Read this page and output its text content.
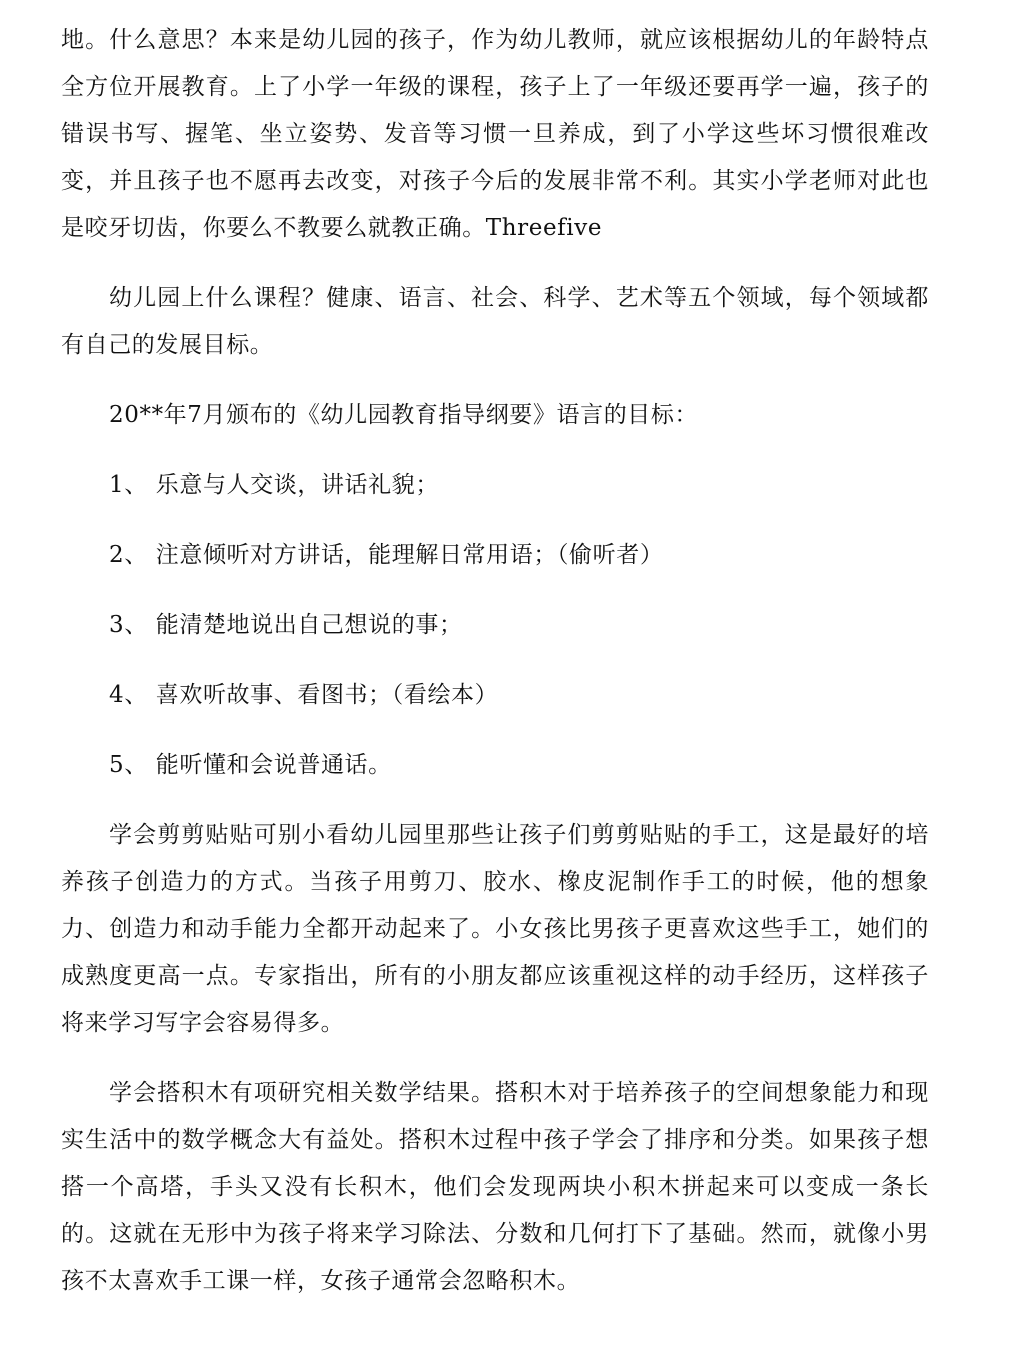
地。什么意思？本来是幼儿园的孩子，作为幼儿教师，就应该根据幼儿的年龄特点全方位开展教育。上了小学一年级的课程，孩子上了一年级还要再学一遍，孩子的错误书写、握笔、坐立姿势、发音等习惯一旦养成，到了小学这些坏习惯很难改变，并且孩子也不愿再去改变，对孩子今后的发展非常不利。其实小学老师对此也是咬牙切齿，你要么不教要么就教正确。Threefive

幼儿园上什么课程？健康、语言、社会、科学、艺术等五个领域，每个领域都有自己的发展目标。

20**年7月颁布的《幼儿园教育指导纲要》语言的目标：

1、 乐意与人交谈，讲话礼貌；

2、 注意倾听对方讲话，能理解日常用语；（偷听者）

3、 能清楚地说出自己想说的事；

4、 喜欢听故事、看图书；（看绘本）

5、 能听懂和会说普通话。

学会剪剪贴贴可别小看幼儿园里那些让孩子们剪剪贴贴的手工，这是最好的培养孩子创造力的方式。当孩子用剪刀、胶水、橡皮泥制作手工的时候，他的想象力、创造力和动手能力全都开动起来了。小女孩比男孩子更喜欢这些手工，她们的成熟度更高一点。专家指出，所有的小朋友都应该重视这样的动手经历，这样孩子将来学习写字会容易得多。

学会搭积木有项研究相关数学结果。搭积木对于培养孩子的空间想象能力和现实生活中的数学概念大有益处。搭积木过程中孩子学会了排序和分类。如果孩子想搭一个高塔，手头又没有长积木，他们会发现两块小积木拼起来可以变成一条长的。这就在无形中为孩子将来学习除法、分数和几何打下了基础。然而，就像小男孩不太喜欢手工课一样，女孩子通常会忽略积木。
